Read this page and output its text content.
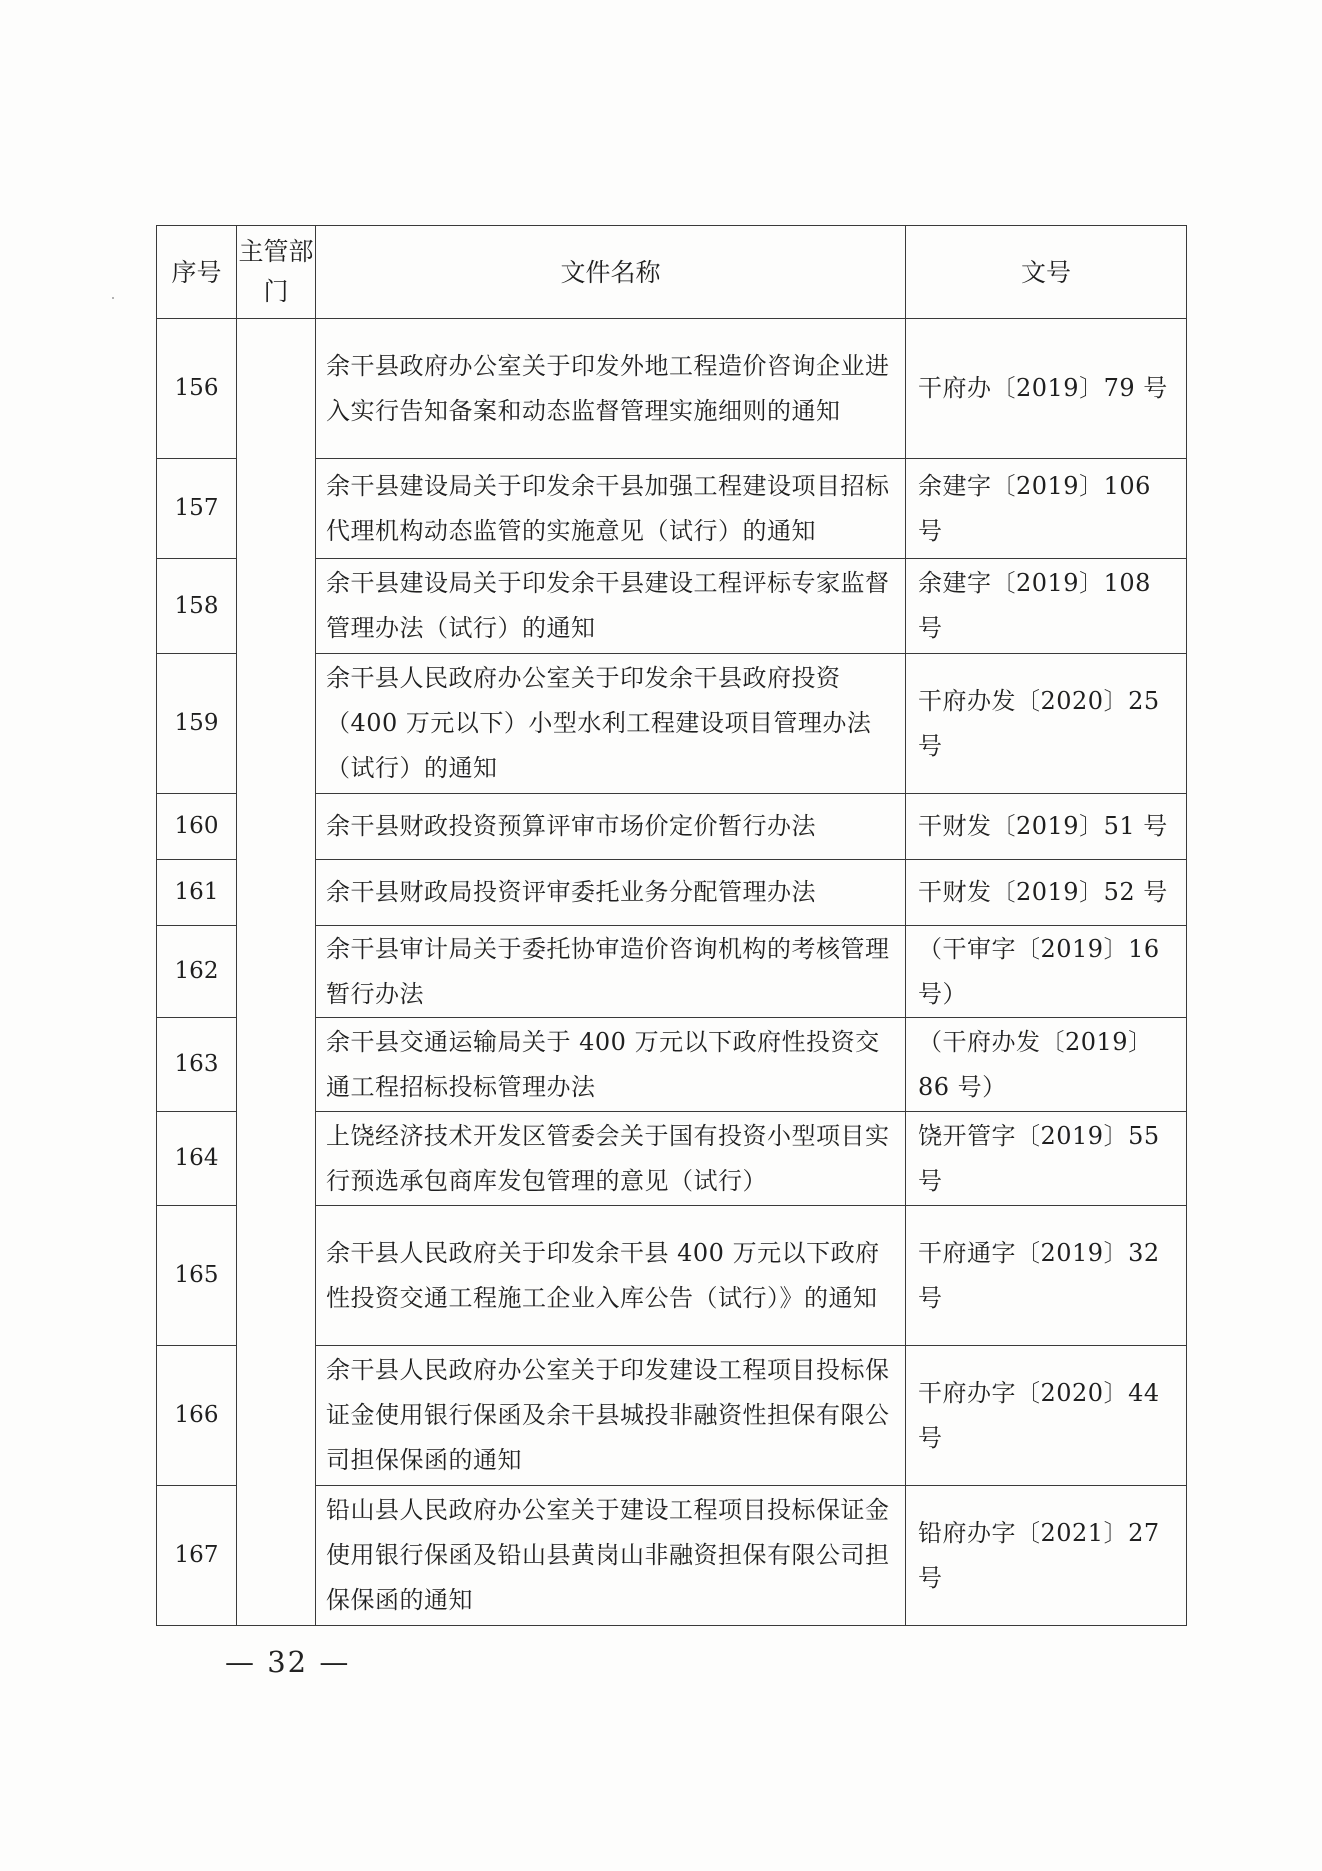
序号	主管部门	文件名称	文号
156		余干县政府办公室关于印发外地工程造价咨询企业进入实行告知备案和动态监督管理实施细则的通知	干府办〔2019〕79 号
157		余干县建设局关于印发余干县加强工程建设项目招标代理机构动态监管的实施意见（试行）的通知	余建字〔2019〕106 号
158		余干县建设局关于印发余干县建设工程评标专家监督管理办法（试行）的通知	余建字〔2019〕108 号
159		余干县人民政府办公室关于印发余干县政府投资（400 万元以下）小型水利工程建设项目管理办法（试行）的通知	干府办发〔2020〕25 号
160		余干县财政投资预算评审市场价定价暂行办法	干财发〔2019〕51 号
161		余干县财政局投资评审委托业务分配管理办法	干财发〔2019〕52 号
162		余干县审计局关于委托协审造价咨询机构的考核管理暂行办法	（干审字〔2019〕16 号）
163		余干县交通运输局关于 400 万元以下政府性投资交通工程招标投标管理办法	（干府办发〔2019〕86 号）
164		上饶经济技术开发区管委会关于国有投资小型项目实行预选承包商库发包管理的意见（试行）	饶开管字〔2019〕55 号
165		余干县人民政府关于印发余干县 400 万元以下政府性投资交通工程施工企业入库公告（试行）》的通知	干府通字〔2019〕32 号
166		余干县人民政府办公室关于印发建设工程项目投标保证金使用银行保函及余干县城投非融资性担保有限公司担保保函的通知	干府办字〔2020〕44 号
167		铅山县人民政府办公室关于建设工程项目投标保证金使用银行保函及铅山县黄岗山非融资担保有限公司担保保函的通知	铅府办字〔2021〕27 号
— 32 —
